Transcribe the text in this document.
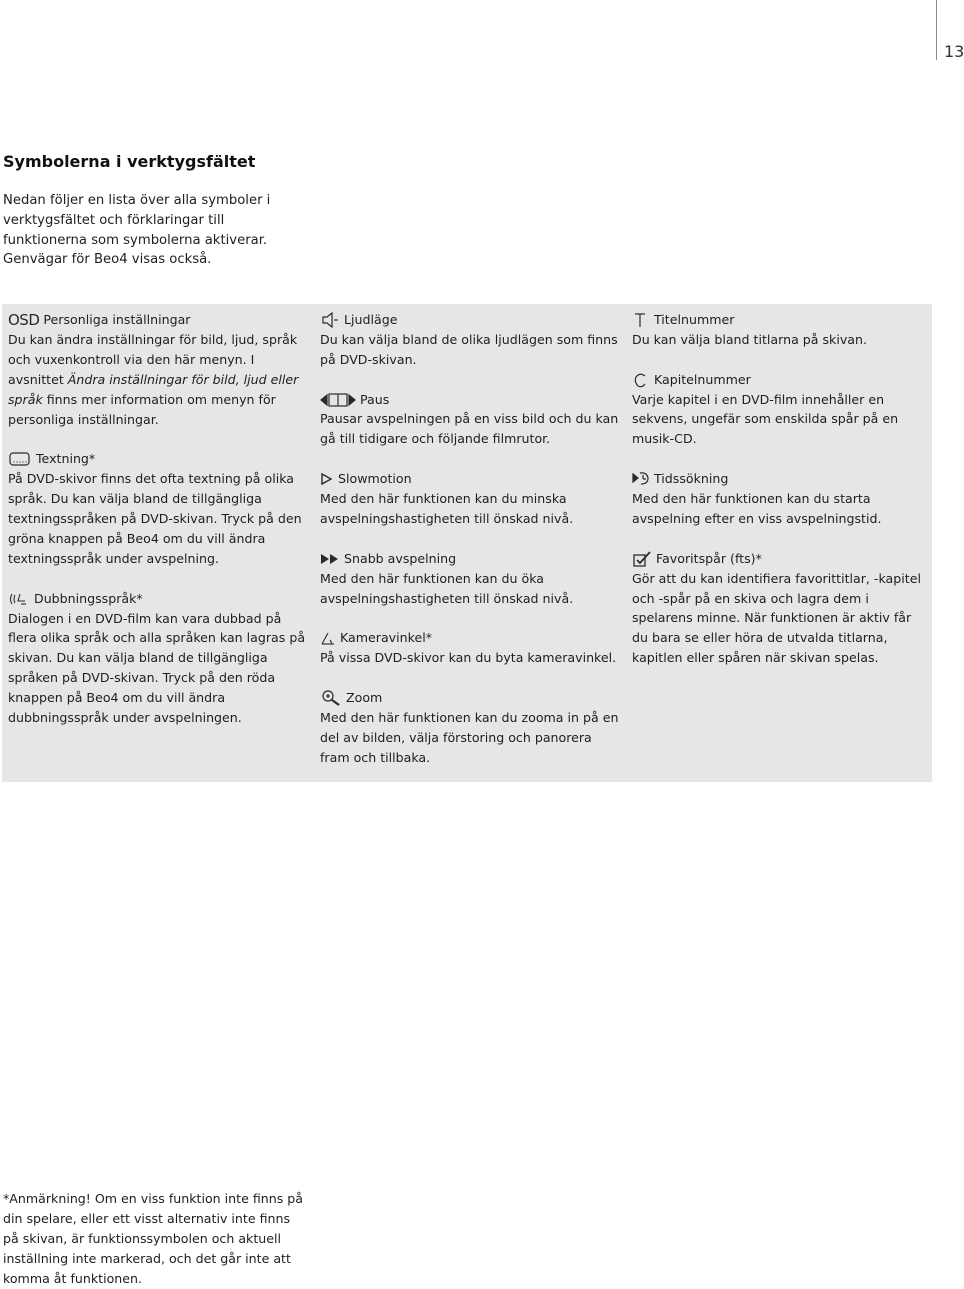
13
Symbolerna i verktygsfältet

Nedan följer en lista över alla symboler i verktygsfältet och förklaringar till funktionerna som symbolerna aktiverar. Genvägar för Beo4 visas också.

OSD Personliga inställningar

Du kan ändra inställningar för bild, ljud, språk och vuxenkontroll via den här menyn. I avsnittet Ändra inställningar för bild, ljud eller språk finns mer information om menyn för personliga inställningar.

Textning*

På DVD-skivor finns det ofta textning på olika språk. Du kan välja bland de tillgängliga textningsspråken på DVD-skivan. Tryck på den gröna knappen på Beo4 om du vill ändra textningsspråk under avspelning.

Dubbningsspråk*

Dialogen i en DVD-film kan vara dubbad på flera olika språk och alla språken kan lagras på skivan. Du kan välja bland de tillgängliga språken på DVD-skivan. Tryck på den röda knappen på Beo4 om du vill ändra dubbningsspråk under avspelningen.

Ljudläge

Du kan välja bland de olika ljudlägen som finns på DVD-skivan.

Paus

Pausar avspelningen på en viss bild och du kan gå till tidigare och följande filmrutor.

Slowmotion

Med den här funktionen kan du minska avspelningshastigheten till önskad nivå.

Snabb avspelning

Med den här funktionen kan du öka avspelningshastigheten till önskad nivå.

Kameravinkel*

På vissa DVD-skivor kan du byta kameravinkel.

Zoom

Med den här funktionen kan du zooma in på en del av bilden, välja förstoring och panorera fram och tillbaka.

Titelnummer

Du kan välja bland titlarna på skivan.

Kapitelnummer

Varje kapitel i en DVD-film innehåller en sekvens, ungefär som enskilda spår på en musik-CD.

Tidssökning

Med den här funktionen kan du starta avspelning efter en viss avspelningstid.

Favoritspår (fts)*

Gör att du kan identifiera favorittitlar, -kapitel och -spår på en skiva och lagra dem i spelarens minne. När funktionen är aktiv får du bara se eller höra de utvalda titlarna, kapitlen eller spåren när skivan spelas.

*Anmärkning! Om en viss funktion inte finns på din spelare, eller ett visst alternativ inte finns på skivan, är funktionssymbolen och aktuell inställning inte markerad, och det går inte att komma åt funktionen.
